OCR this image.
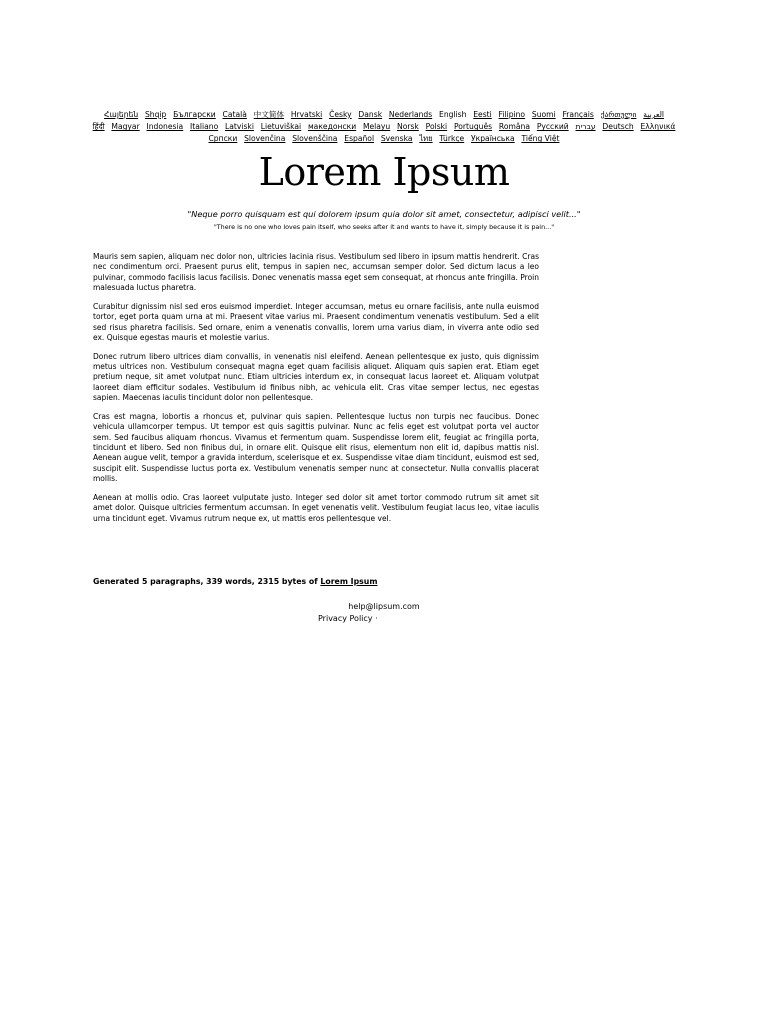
Հայերեն Shqip	‫العربية Български Català 中文简体 Hrvatski Česky Dansk Nederlands English Eesti Filipino Suomi Français ქართული Deutsch Ελληνικά ‫עברית हिंदी Magyar Indonesia Italiano Latviski Lietuviškai македонски Melayu Norsk Polski Português Româna Pyccкий Српски Slovenčina Slovenščina Español Svenska ไทย Türkçe Українська Tiếng Việt
Lorem Ipsum
"Neque porro quisquam est qui dolorem ipsum quia dolor sit amet, consectetur, adipisci velit..."
"There is no one who loves pain itself, who seeks after it and wants to have it, simply because it is pain..."

Mauris sem sapien, aliquam nec dolor non, ultricies lacinia risus. Vestibulum sed libero in ipsum mattis hendrerit. Cras nec condimentum orci. Praesent purus elit, tempus in sapien nec, accumsan semper dolor. Sed dictum lacus a leo pulvinar, commodo facilisis lacus facilisis. Donec venenatis massa eget sem consequat, at rhoncus ante fringilla. Proin malesuada luctus pharetra.

Curabitur dignissim nisl sed eros euismod imperdiet. Integer accumsan, metus eu ornare facilisis, ante nulla euismod tortor, eget porta quam urna at mi. Praesent vitae varius mi. Praesent condimentum venenatis vestibulum. Sed a elit sed risus pharetra facilisis. Sed ornare, enim a venenatis convallis, lorem urna varius diam, in viverra ante odio sed ex. Quisque egestas mauris et molestie varius.

Donec rutrum libero ultrices diam convallis, in venenatis nisl eleifend. Aenean pellentesque ex justo, quis dignissim metus ultrices non. Vestibulum consequat magna eget quam facilisis aliquet. Aliquam quis sapien erat. Etiam eget pretium neque, sit amet volutpat nunc. Etiam ultricies interdum ex, in consequat lacus laoreet et. Aliquam volutpat laoreet diam efficitur sodales. Vestibulum id finibus nibh, ac vehicula elit. Cras vitae semper lectus, nec egestas sapien. Maecenas iaculis tincidunt dolor non pellentesque.

Cras est magna, lobortis a rhoncus et, pulvinar quis sapien. Pellentesque luctus non turpis nec faucibus. Donec vehicula ullamcorper tempus. Ut tempor est quis sagittis pulvinar. Nunc ac felis eget est volutpat porta vel auctor sem. Sed faucibus aliquam rhoncus. Vivamus et fermentum quam. Suspendisse lorem elit, feugiat ac fringilla porta, tincidunt et libero. Sed non finibus dui, in ornare elit. Quisque elit risus, elementum non elit id, dapibus mattis nisl. Aenean augue velit, tempor a gravida interdum, scelerisque et ex. Suspendisse vitae diam tincidunt, euismod est sed, suscipit elit. Suspendisse luctus porta ex. Vestibulum venenatis semper nunc at consectetur. Nulla convallis placerat mollis.

Aenean at mollis odio. Cras laoreet vulputate justo. Integer sed dolor sit amet tortor commodo rutrum sit amet sit amet dolor. Quisque ultricies fermentum accumsan. In eget venenatis velit. Vestibulum feugiat lacus leo, vitae iaculis urna tincidunt eget. Vivamus rutrum neque ex, ut mattis eros pellentesque vel.

Generated 5 paragraphs, 339 words, 2315 bytes of Lorem Ipsum
help@lipsum.com
Privacy Policy ·
